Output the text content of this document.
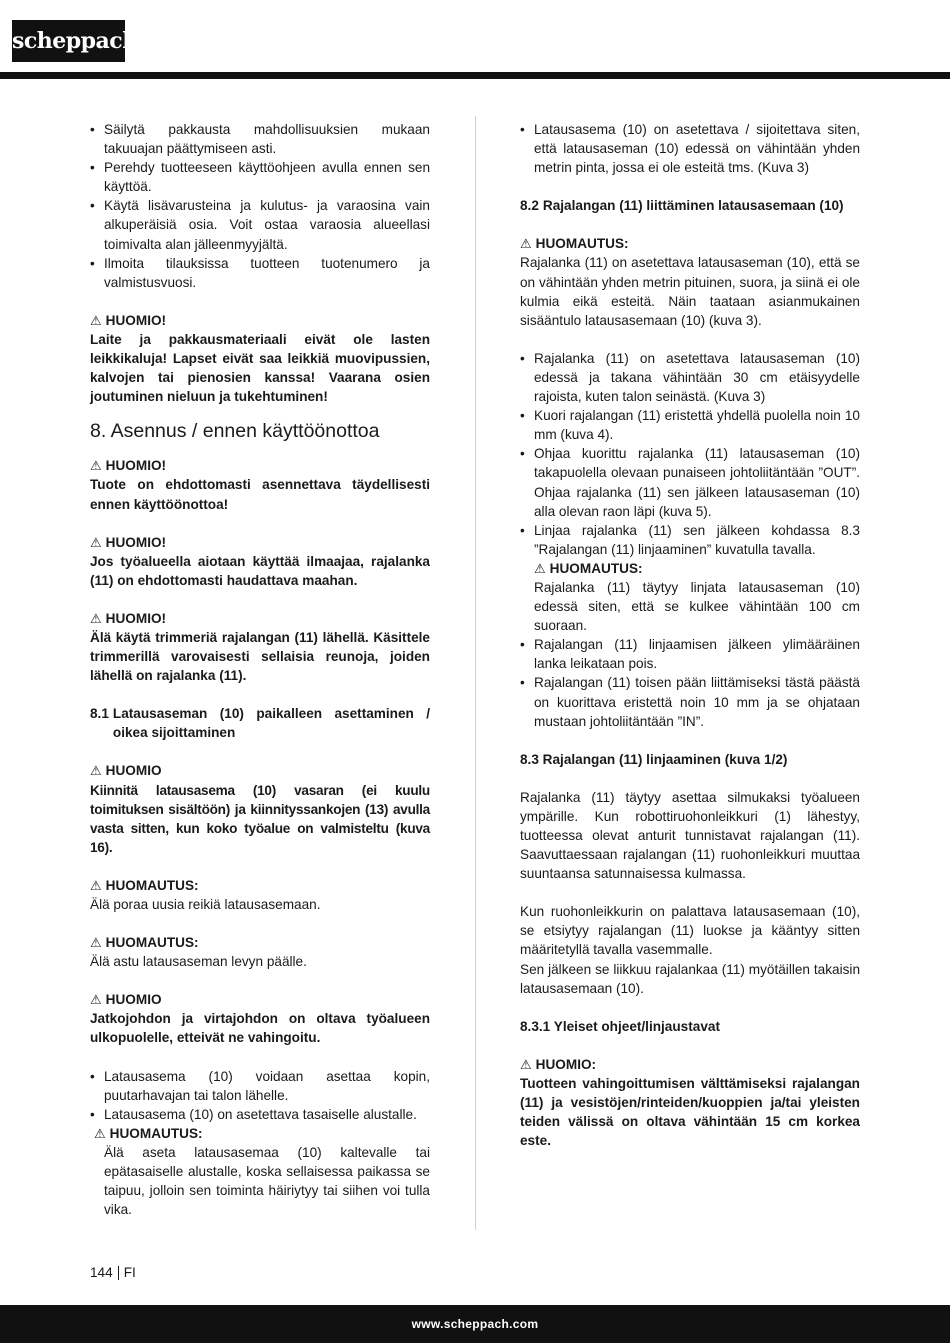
scheppach
• Säilytä pakkausta mahdollisuuksien mukaan takuuajan päättymiseen asti.
• Perehdy tuotteeseen käyttöohjeen avulla ennen sen käyttöä.
• Käytä lisävarusteina ja kulutus- ja varaosina vain alkuperäisiä osia. Voit ostaa varaosia alueellasi toimivalta alan jälleenmyyjältä.
• Ilmoita tilauksissa tuotteen tuotenumero ja valmistusvuosi.
⚠ HUOMIO!

Laite ja pakkausmateriaali eivät ole lasten leikkikaluja! Lapset eivät saa leikkiä muovipussien, kalvojen tai pienosien kanssa! Vaarana osien joutuminen nieluun ja tukehtuminen!

8. Asennus / ennen käyttöönottoa
⚠ HUOMIO!

Tuote on ehdottomasti asennettava täydellisesti ennen käyttöönottoa!

⚠ HUOMIO!

Jos työalueella aiotaan käyttää ilmaajaa, rajalanka (11) on ehdottomasti haudattava maahan.

⚠ HUOMIO!

Älä käytä trimmeriä rajalangan (11) lähellä. Käsittele trimmerillä varovaisesti sellaisia reunoja, joiden lähellä on rajalanka (11).

8.1 Latausaseman (10) paikalleen asettaminen / oikea sijoittaminen
⚠ HUOMIO

Kiinnitä latausasema (10) vasaran (ei kuulu toimituksen sisältöön) ja kiinnityssankojen (13) avulla vasta sitten, kun koko työalue on valmisteltu (kuva 16).

⚠ HUOMAUTUS:

Älä poraa uusia reikiä latausasemaan.

⚠ HUOMAUTUS:

Älä astu latausaseman levyn päälle.

⚠ HUOMIO

Jatkojohdon ja virtajohdon on oltava työalueen ulkopuolelle, etteivät ne vahingoitu.

• Latausasema (10) voidaan asettaa kopin, puutarhavajan tai talon lähelle.
• Latausasema (10) on asetettava tasaiselle alustalle.
⚠ HUOMAUTUS:

Älä aseta latausasemaa (10) kaltevalle tai epätasaiselle alustalle, koska sellaisessa paikassa se taipuu, jolloin sen toiminta häiriytyy tai siihen voi tulla vika.

• Latausasema (10) on asetettava / sijoitettava siten, että latausaseman (10) edessä on vähintään yhden metrin pinta, jossa ei ole esteitä tms. (Kuva 3)
8.2 Rajalangan (11) liittäminen latausasemaan (10)
⚠ HUOMAUTUS:

Rajalanka (11) on asetettava latausaseman (10), että se on vähintään yhden metrin pituinen, suora, ja siinä ei ole kulmia eikä esteitä. Näin taataan asianmukainen sisääntulo latausasemaan (10) (kuva 3).

• Rajalanka (11) on asetettava latausaseman (10) edessä ja takana vähintään 30 cm etäisyydelle rajoista, kuten talon seinästä. (Kuva 3)
• Kuori rajalangan (11) eristettä yhdellä puolella noin 10 mm (kuva 4).
• Ohjaa kuorittu rajalanka (11) latausaseman (10) takapuolella olevaan punaiseen johtoliitäntään ”OUT”. Ohjaa rajalanka (11) sen jälkeen latausaseman (10) alla olevan raon läpi (kuva 5).
• Linjaa rajalanka (11) sen jälkeen kohdassa 8.3 ”Rajalangan (11) linjaaminen” kuvatulla tavalla.
⚠ HUOMAUTUS:

Rajalanka (11) täytyy linjata latausaseman (10) edessä siten, että se kulkee vähintään 100 cm suoraan.

• Rajalangan (11) linjaamisen jälkeen ylimääräinen lanka leikataan pois.
• Rajalangan (11) toisen pään liittämiseksi tästä päästä on kuorittava eristettä noin 10 mm ja se ohjataan mustaan johtoliitäntään ”IN”.
8.3 Rajalangan (11) linjaaminen (kuva 1/2)

Rajalanka (11) täytyy asettaa silmukaksi työalueen ympärille. Kun robottiruohonleikkuri (1) lähestyy, tuotteessa olevat anturit tunnistavat rajalangan (11). Saavuttaessaan rajalangan (11) ruohonleikkuri muuttaa suuntaansa satunnaisessa kulmassa.

Kun ruohonleikkurin on palattava latausasemaan (10), se etsiytyy rajalangan (11) luokse ja kääntyy sitten määritetyllä tavalla vasemmalle.

Sen jälkeen se liikkuu rajalankaa (11) myötäillen takaisin latausasemaan (10).

8.3.1 Yleiset ohjeet/linjaustavat
⚠ HUOMIO:

Tuotteen vahingoittumisen välttämiseksi rajalangan (11) ja vesistöjen/rinteiden/kuoppien ja/tai yleisten teiden välissä on oltava vähintään 15 cm korkea este.

144 FI
www.scheppach.com
